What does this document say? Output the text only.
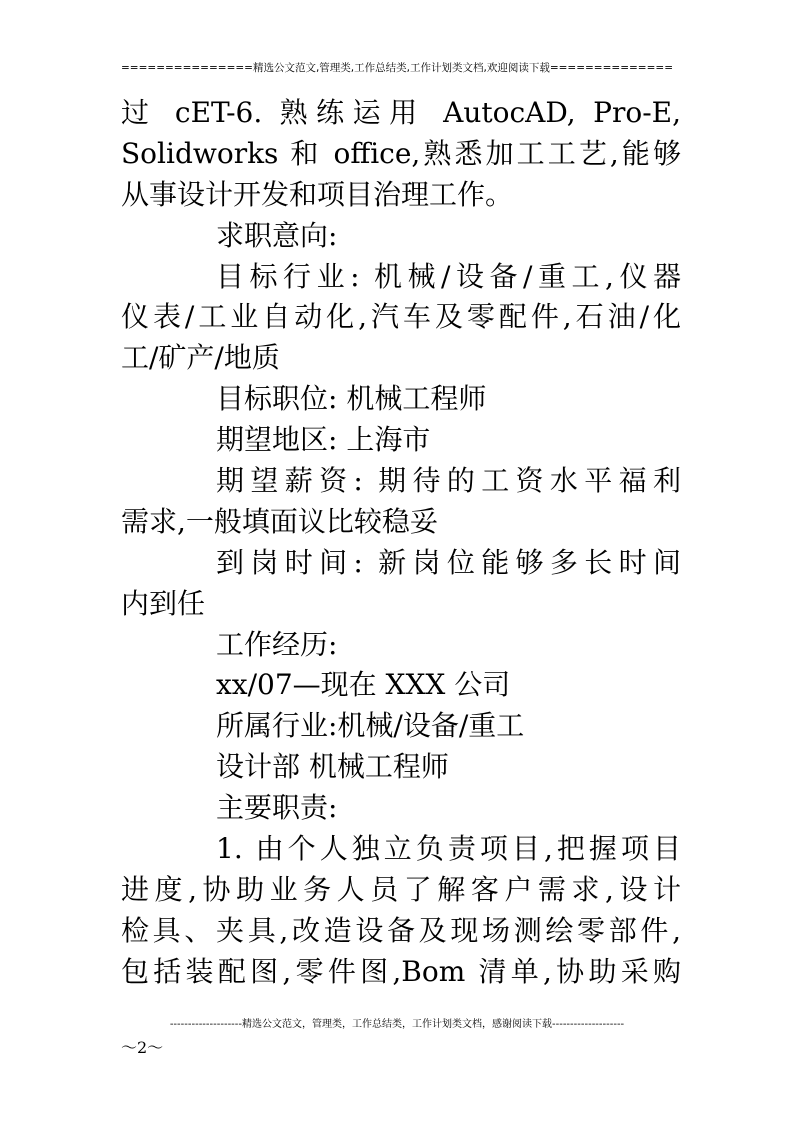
===============精选公文范文,管理类,工作总结类,工作计划类文档,欢迎阅读下载==============
过 cET-6. 熟练运用 AutocAD, Pro-E,
Solidworks 和 office,熟悉加工工艺,能够
从事设计开发和项目治理工作。
求职意向:
目标行业: 机械/设备/重工,仪器
仪表/工业自动化,汽车及零配件,石油/化
工/矿产/地质
目标职位: 机械工程师
期望地区: 上海市
期望薪资: 期待的工资水平福利
需求,一般填面议比较稳妥
到岗时间: 新岗位能够多长时间
内到任
工作经历:
xx/07—现在 XXX 公司
所属行业:机械/设备/重工
设计部 机械工程师
主要职责:
1. 由个人独立负责项目,把握项目
进度,协助业务人员了解客户需求,设计
检具、夹具,改造设备及现场测绘零部件,
包括装配图,零件图,Bom 清单,协助采购
--------------------精选公文范文，管理类，工作总结类，工作计划类文档，感谢阅读下载--------------------
～2～
